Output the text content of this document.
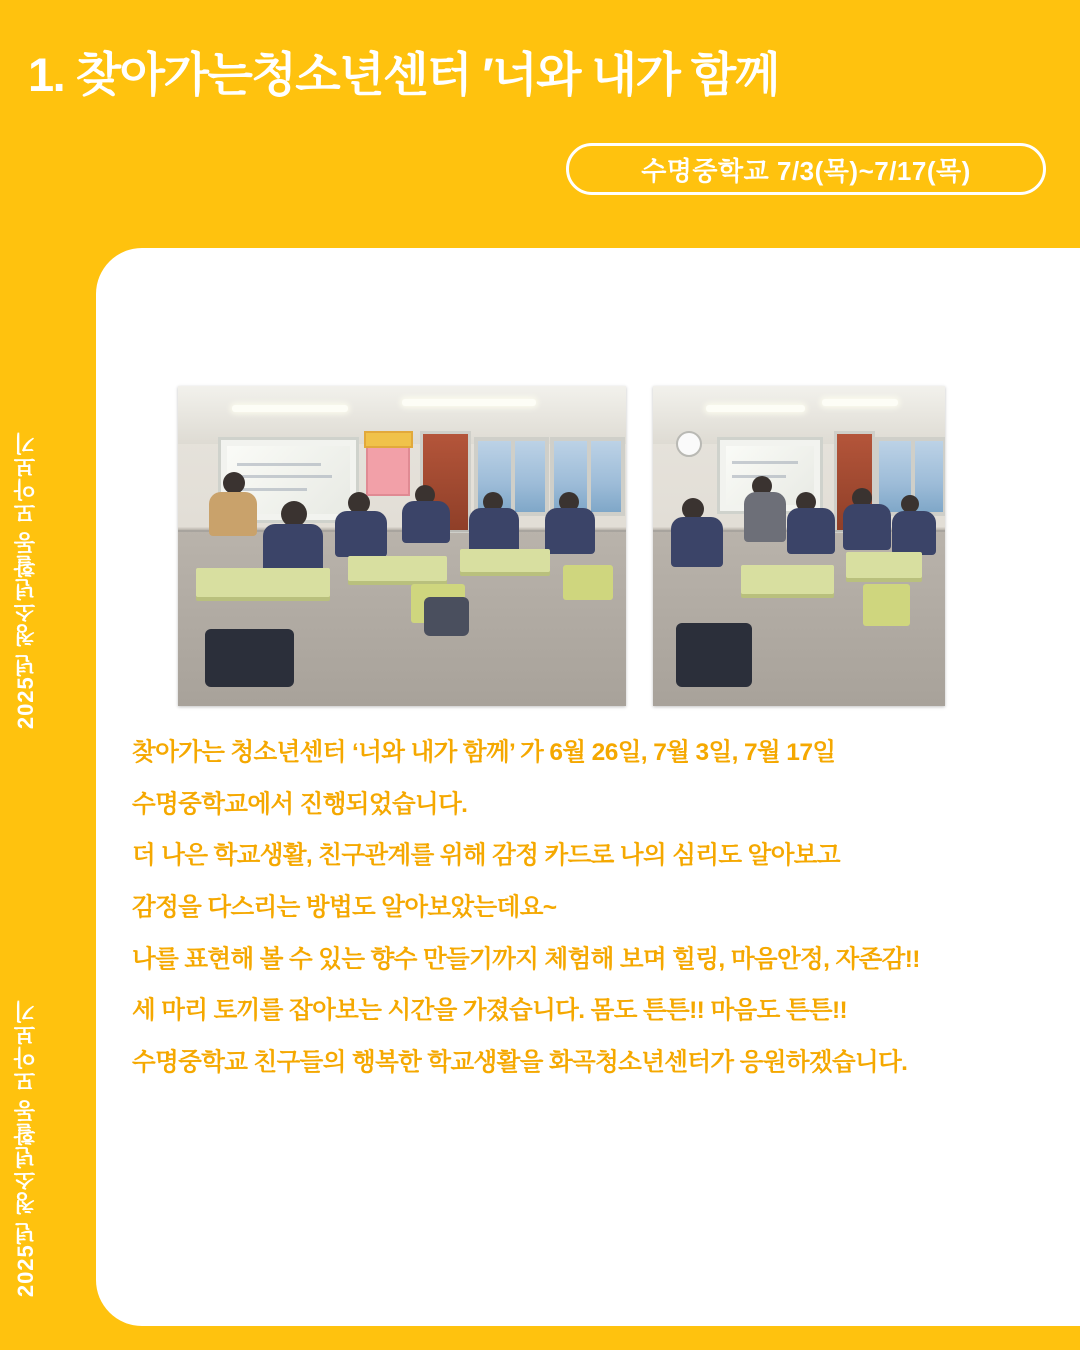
1. 찾아가는청소년센터 ′너와 내가 함께
수명중학교 7/3(목)~7/17(목)
2025년 청소년활동 모아보기
2025년 청소년활동 모아보기

찾아가는 청소년센터 ‘너와 내가 함께’ 가 6월 26일, 7월 3일, 7월 17일

수명중학교에서 진행되었습니다.

더 나은 학교생활, 친구관계를 위해 감정 카드로 나의 심리도 알아보고

감정을 다스리는 방법도 알아보았는데요~

나를 표현해 볼 수 있는 향수 만들기까지 체험해 보며 힐링, 마음안정, 자존감!!

세 마리 토끼를 잡아보는 시간을 가졌습니다. 몸도 튼튼!! 마음도 튼튼!!

수명중학교 친구들의 행복한 학교생활을 화곡청소년센터가 응원하겠습니다.
